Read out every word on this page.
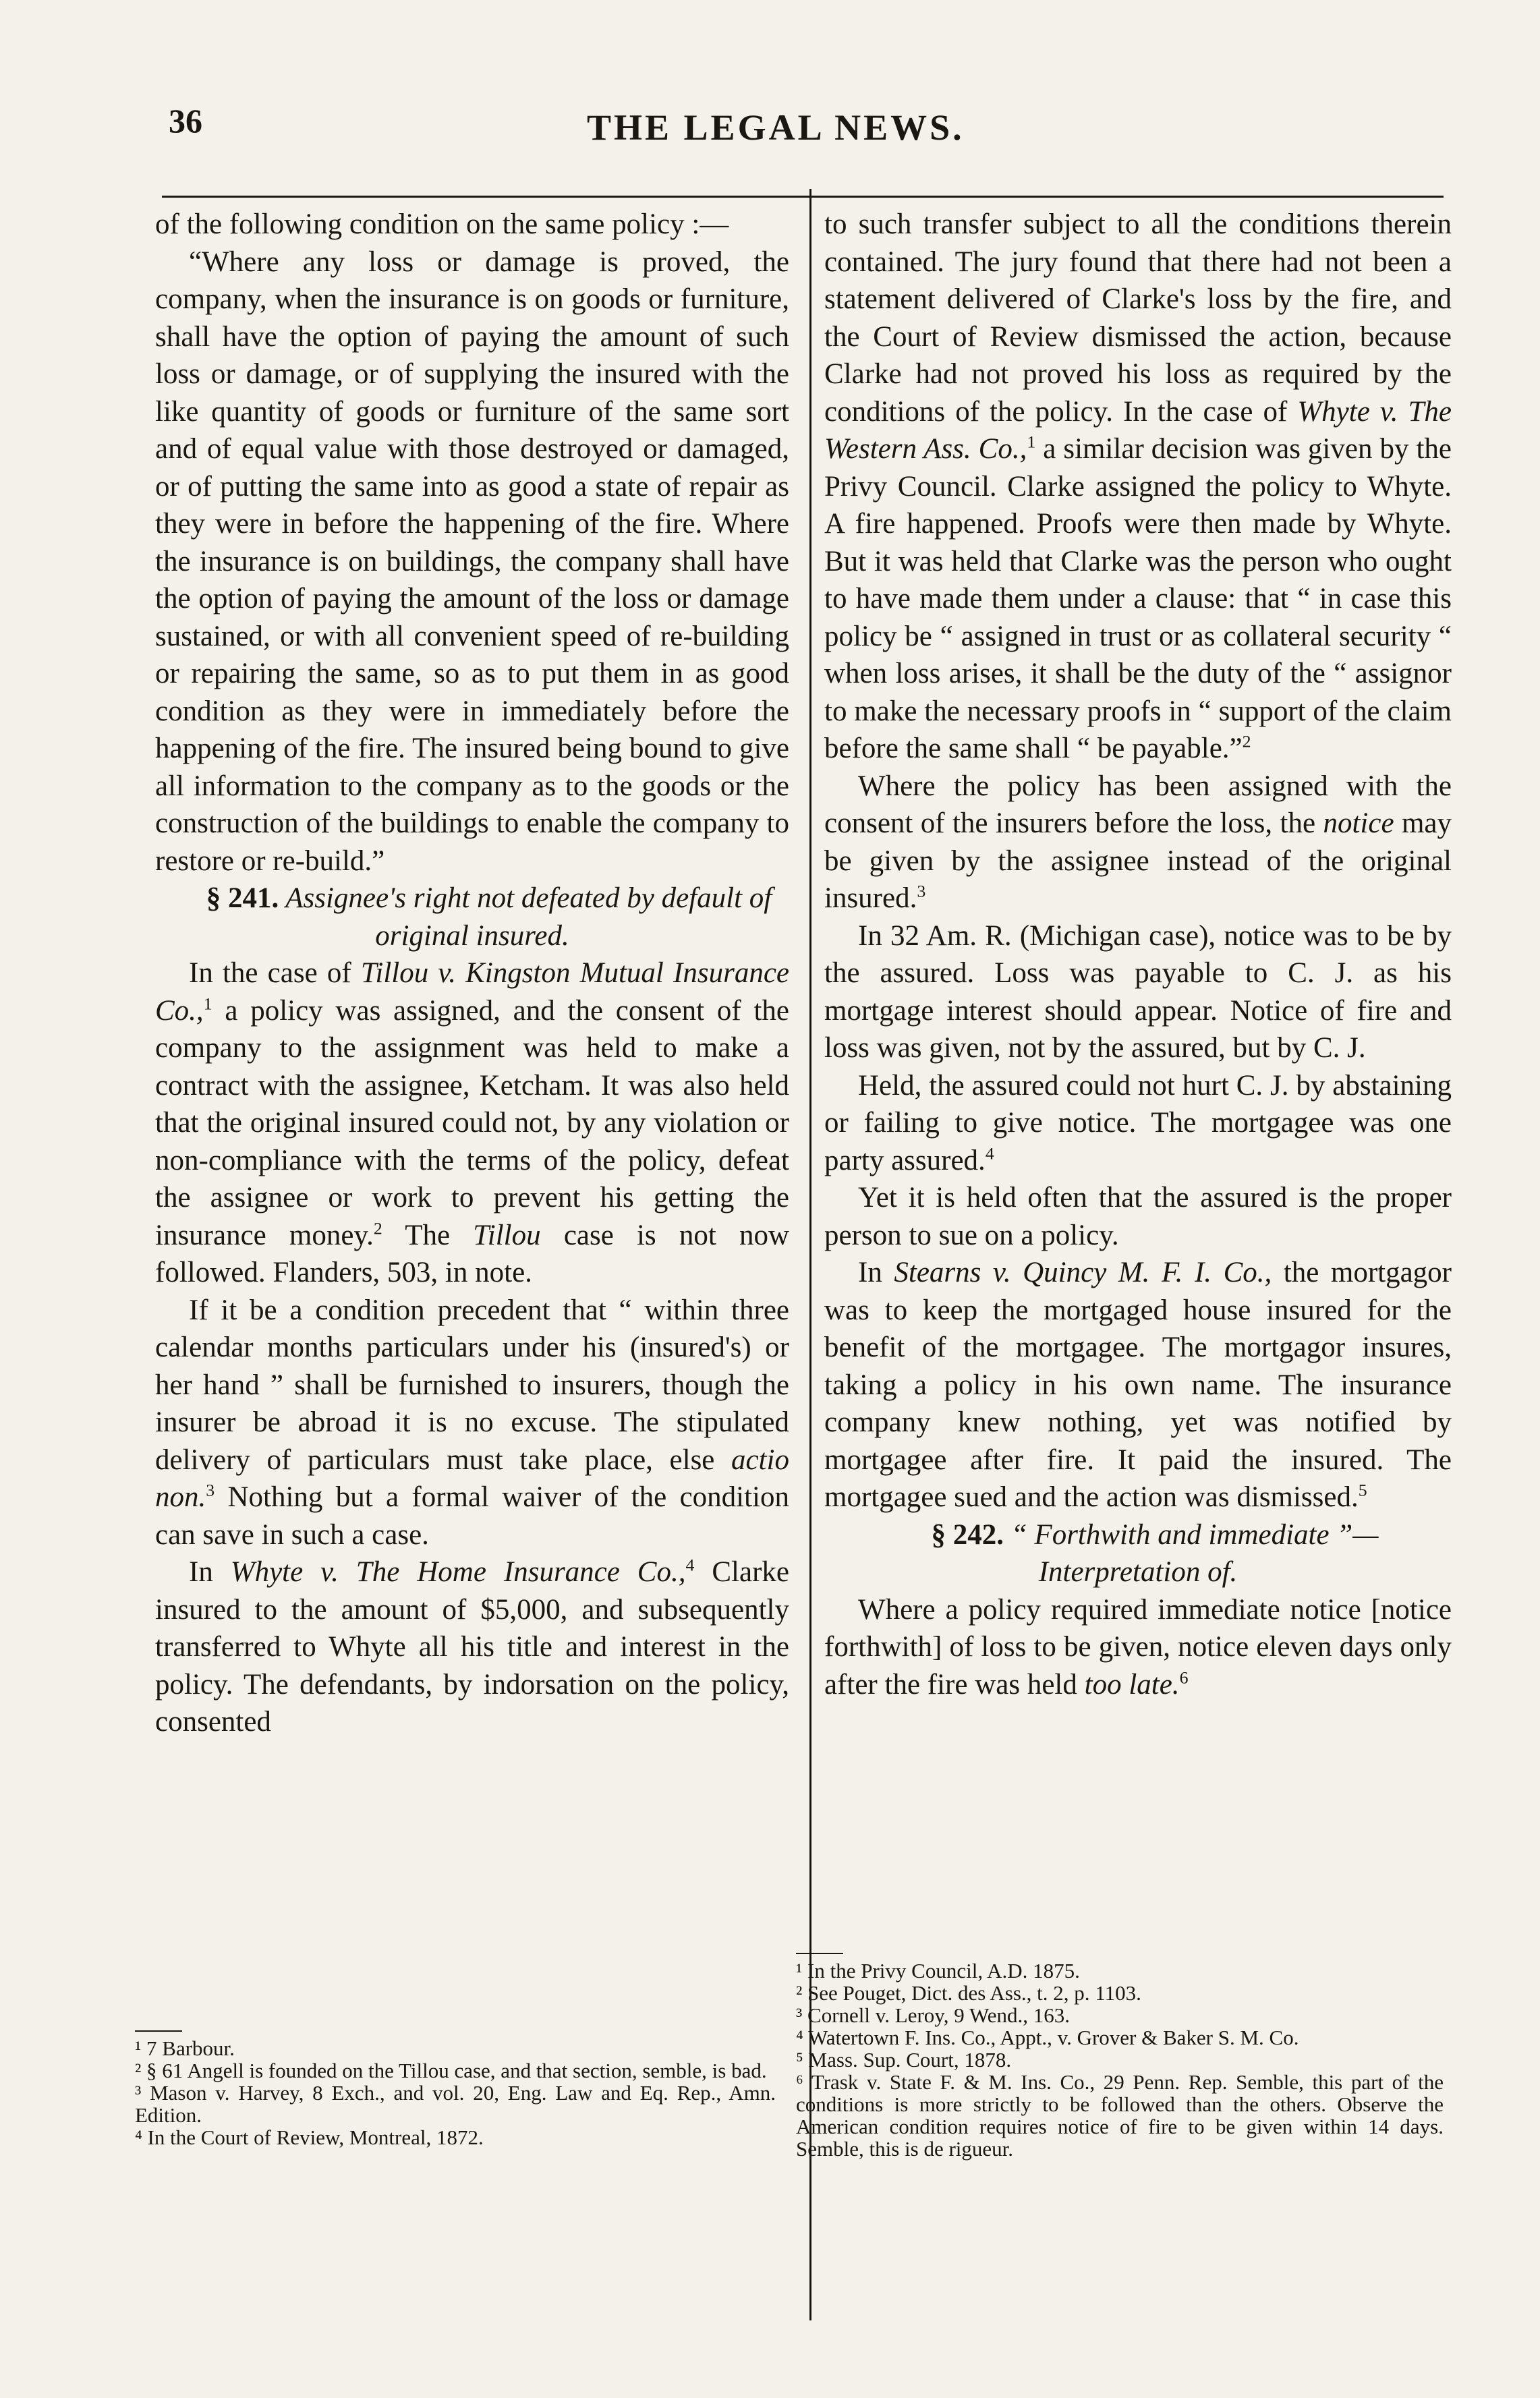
36	THE LEGAL NEWS.

of the following condition on the same policy :—

“Where any loss or damage is proved, the company, when the insurance is on goods or furniture, shall have the option of paying the amount of such loss or damage, or of supplying the insured with the like quantity of goods or furniture of the same sort and of equal value with those destroyed or damaged, or of putting the same into as good a state of repair as they were in before the happening of the fire. Where the insurance is on buildings, the company shall have the option of paying the amount of the loss or damage sustained, or with all convenient speed of re-building or repairing the same, so as to put them in as good condition as they were in immediately before the happening of the fire. The insured being bound to give all information to the company as to the goods or the construction of the buildings to enable the company to restore or re-build.”

§ 241. Assignee's right not defeated by default of original insured.

In the case of Tillou v. Kingston Mutual Insurance Co.,$^1$ a policy was assigned, and the consent of the company to the assignment was held to make a contract with the assignee, Ketcham. It was also held that the original insured could not, by any violation or non-compliance with the terms of the policy, defeat the assignee or work to prevent his getting the insurance money.$^2$ The Tillou case is not now followed. Flanders, 503, in note.

If it be a condition precedent that “ within three calendar months particulars under his (insured's) or her hand ” shall be furnished to insurers, though the insurer be abroad it is no excuse. The stipulated delivery of particulars must take place, else actio non.$^3$ Nothing but a formal waiver of the condition can save in such a case.

In Whyte v. The Home Insurance Co.,$^4$ Clarke insured to the amount of $5,000, and subsequently transferred to Whyte all his title and interest in the policy. The defendants, by indorsation on the policy, consented

to such transfer subject to all the conditions therein contained. The jury found that there had not been a statement delivered of Clarke's loss by the fire, and the Court of Review dismissed the action, because Clarke had not proved his loss as required by the conditions of the policy. In the case of Whyte v. The Western Ass. Co.,$^1$ a similar decision was given by the Privy Council. Clarke assigned the policy to Whyte. A fire happened. Proofs were then made by Whyte. But it was held that Clarke was the person who ought to have made them under a clause: that “ in case this policy be “ assigned in trust or as collateral security “ when loss arises, it shall be the duty of the “ assignor to make the necessary proofs in “ support of the claim before the same shall “ be payable.”$^2$

Where the policy has been assigned with the consent of the insurers before the loss, the notice may be given by the assignee instead of the original insured.$^3$

In 32 Am. R. (Michigan case), notice was to be by the assured. Loss was payable to C. J. as his mortgage interest should appear. Notice of fire and loss was given, not by the assured, but by C. J.

Held, the assured could not hurt C. J. by abstaining or failing to give notice. The mortgagee was one party assured.$^4$

Yet it is held often that the assured is the proper person to sue on a policy.

In Stearns v. Quincy M. F. I. Co., the mortgagor was to keep the mortgaged house insured for the benefit of the mortgagee. The mortgagor insures, taking a policy in his own name. The insurance company knew nothing, yet was notified by mortgagee after fire. It paid the insured. The mortgagee sued and the action was dismissed.$^5$

§ 242. “ Forthwith and immediate ”—Interpretation of.

Where a policy required immediate notice [notice forthwith] of loss to be given, notice eleven days only after the fire was held too late.$^6$

¹ 7 Barbour.
² § 61 Angell is founded on the Tillou case, and that section, semble, is bad.
³ Mason v. Harvey, 8 Exch., and vol. 20, Eng. Law and Eq. Rep., Amn. Edition.
⁴ In the Court of Review, Montreal, 1872.
¹ In the Privy Council, A.D. 1875.
² See Pouget, Dict. des Ass., t. 2, p. 1103.
³ Cornell v. Leroy, 9 Wend., 163.
⁴ Watertown F. Ins. Co., Appt., v. Grover & Baker S. M. Co.
⁵ Mass. Sup. Court, 1878.
⁶ Trask v. State F. & M. Ins. Co., 29 Penn. Rep. Semble, this part of the conditions is more strictly to be followed than the others. Observe the American condition requires notice of fire to be given within 14 days. Semble, this is de rigueur.
